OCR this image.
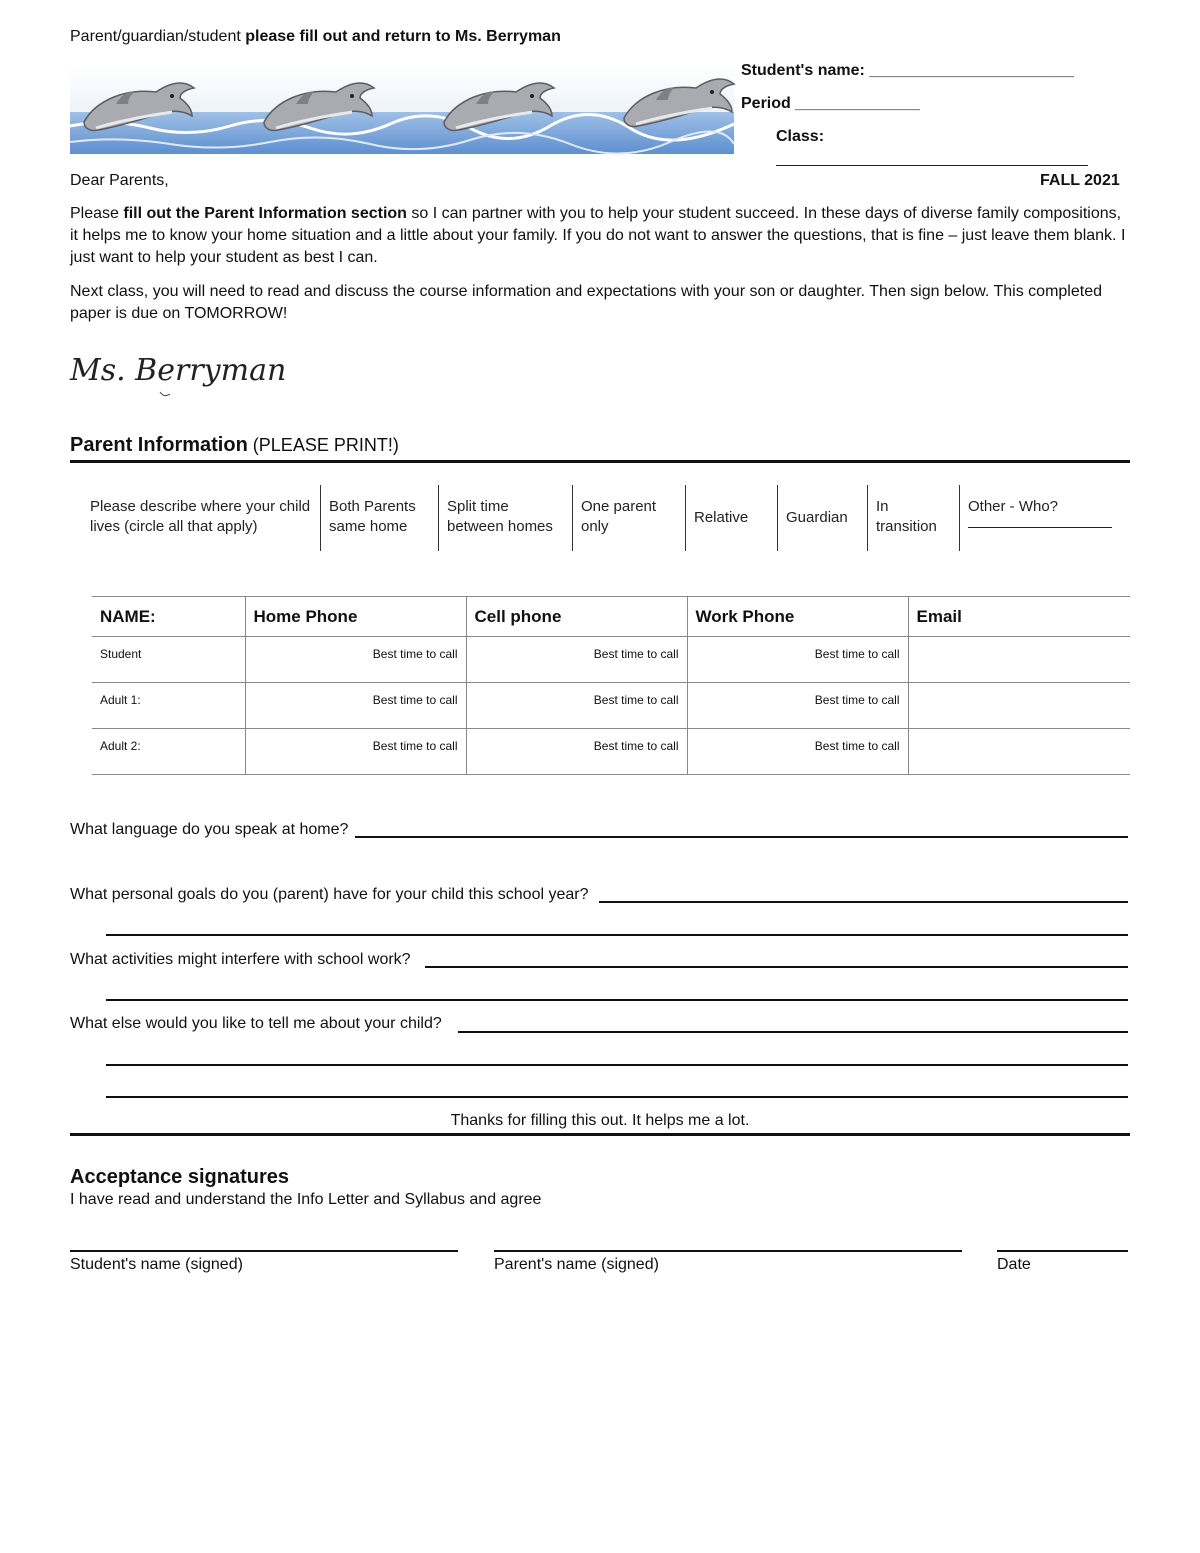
Parent/guardian/student please fill out and return to Ms. Berryman
Student's name: _______________________
Period ______________
Class:
Dear Parents,	FALL 2021
Please fill out the Parent Information section so I can partner with you to help your student succeed. In these days of diverse family compositions, it helps me to know your home situation and a little about your family. If you do not want to answer the questions, that is fine – just leave them blank. I just want to help your student as best I can.
Next class, you will need to read and discuss the course information and expectations with your son or daughter. Then sign below. This completed paper is due on TOMORROW!
Ms. Berryman
Parent Information (PLEASE PRINT!)
Please describe where your child lives (circle all that apply)
Both Parents same home
Split time between homes
One parent only
Relative	Guardian
In transition
Other - Who?
NAME:	Home Phone	Cell phone	Work Phone	Email
Student	Best time to call	Best time to call	Best time to call	
Adult 1:	Best time to call	Best time to call	Best time to call	
Adult 2:	Best time to call	Best time to call	Best time to call	
What language do you speak at home?
What personal goals do you (parent) have for your child this school year?
What activities might interfere with school work?
What else would you like to tell me about your child?
Thanks for filling this out. It helps me a lot.
Acceptance signatures
I have read and understand the Info Letter and Syllabus and agree
Student's name (signed)	Parent's name (signed)	Date
